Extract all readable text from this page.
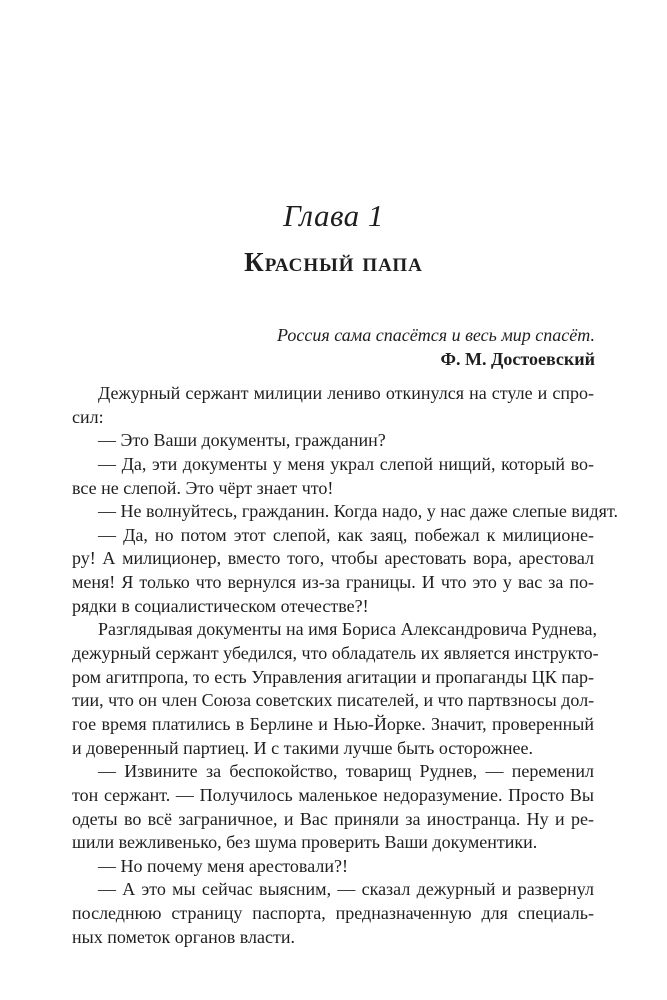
Глава 1
Красный папа
Россия сама спасётся и весь мир спасёт.
Ф. М. Достоевский
Дежурный сержант милиции лениво откинулся на стуле и спро-
сил:
— Это Ваши документы, гражданин?
— Да, эти документы у меня украл слепой нищий, который во-
все не слепой. Это чёрт знает что!
— Не волнуйтесь, гражданин. Когда надо, у нас даже слепые видят.
— Да, но потом этот слепой, как заяц, побежал к милиционе-
ру! А милиционер, вместо того, чтобы арестовать вора, арестовал
меня! Я только что вернулся из-за границы. И что это у вас за по-
рядки в социалистическом отечестве?!
Разглядывая документы на имя Бориса Александровича Руднева,
дежурный сержант убедился, что обладатель их является инструкто-
ром агитпропа, то есть Управления агитации и пропаганды ЦК пар-
тии, что он член Союза советских писателей, и что партвзносы дол-
гое время платились в Берлине и Нью-Йорке. Значит, проверенный
и доверенный партиец. И с такими лучше быть осторожнее.
— Извините за беспокойство, товарищ Руднев, — переменил
тон сержант. — Получилось маленькое недоразумение. Просто Вы
одеты во всё заграничное, и Вас приняли за иностранца. Ну и ре-
шили вежливенько, без шума проверить Ваши документики.
— Но почему меня арестовали?!
— А это мы сейчас выясним, — сказал дежурный и развернул
последнюю страницу паспорта, предназначенную для специаль-
ных пометок органов власти.
